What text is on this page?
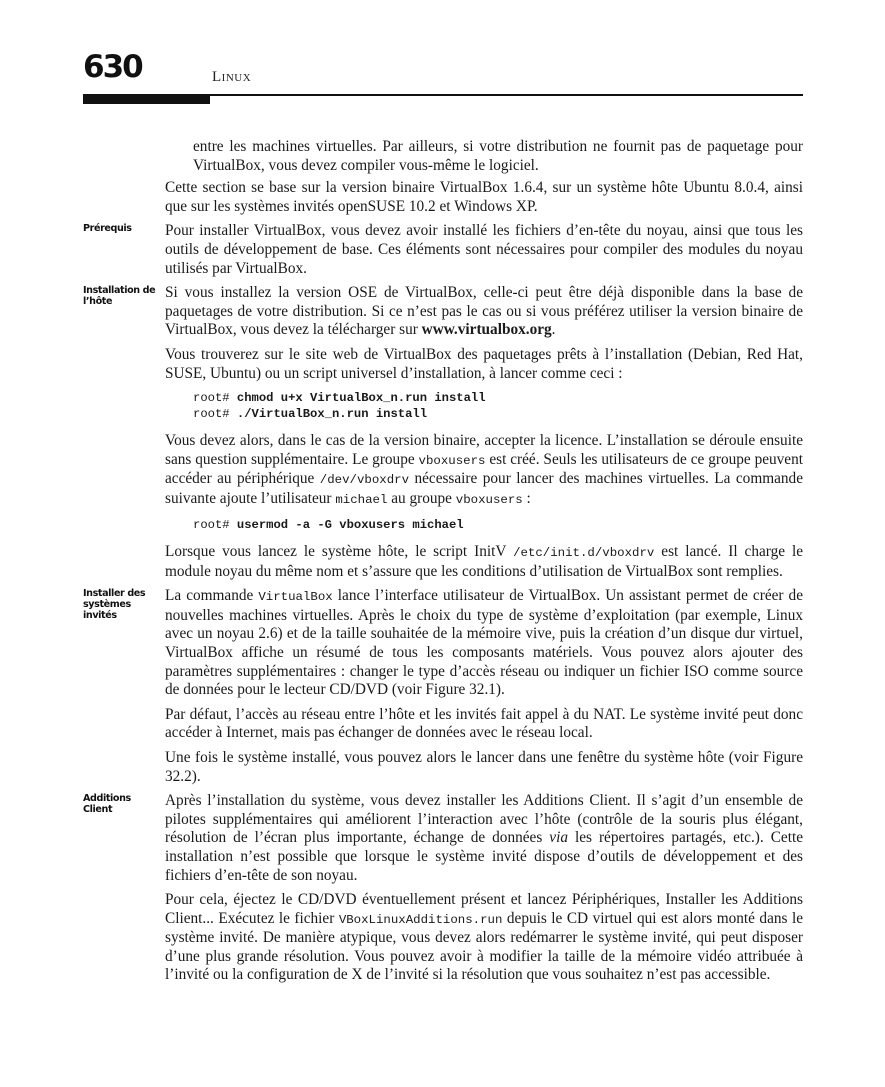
630	Linux

entre les machines virtuelles. Par ailleurs, si votre distribution ne fournit pas de paquetage pour VirtualBox, vous devez compiler vous-même le logiciel.

Cette section se base sur la version binaire VirtualBox 1.6.4, sur un système hôte Ubuntu 8.0.4, ainsi que sur les systèmes invités openSUSE 10.2 et Windows XP.

Prérequis	Pour installer VirtualBox, vous devez avoir installé les fichiers d’en-tête du noyau, ainsi que tous les outils de développement de base. Ces éléments sont nécessaires pour compiler des modules du noyau utilisés par VirtualBox.

Installation de l’hôte
Si vous installez la version OSE de VirtualBox, celle-ci peut être déjà disponible dans la base de paquetages de votre distribution. Si ce n’est pas le cas ou si vous préférez utiliser la version binaire de VirtualBox, vous devez la télécharger sur www.virtualbox.org.

Vous trouverez sur le site web de VirtualBox des paquetages prêts à l’installation (Debian, Red Hat, SUSE, Ubuntu) ou un script universel d’installation, à lancer comme ceci :

root# chmod u+x VirtualBox_n.run install
root# ./VirtualBox_n.run install

Vous devez alors, dans le cas de la version binaire, accepter la licence. L’installation se déroule ensuite sans question supplémentaire. Le groupe vboxusers est créé. Seuls les utilisateurs de ce groupe peuvent accéder au périphérique /dev/vboxdrv nécessaire pour lancer des machines virtuelles. La commande suivante ajoute l’utilisateur michael au groupe vboxusers :

root# usermod -a -G vboxusers michael

Lorsque vous lancez le système hôte, le script InitV /etc/init.d/vboxdrv est lancé. Il charge le module noyau du même nom et s’assure que les conditions d’utilisation de VirtualBox sont remplies.

Installer des systèmes invités
La commande VirtualBox lance l’interface utilisateur de VirtualBox. Un assistant permet de créer de nouvelles machines virtuelles. Après le choix du type de système d’exploitation (par exemple, Linux avec un noyau 2.6) et de la taille souhaitée de la mémoire vive, puis la création d’un disque dur virtuel, VirtualBox affiche un résumé de tous les composants matériels. Vous pouvez alors ajouter des paramètres supplémentaires : changer le type d’accès réseau ou indiquer un fichier ISO comme source de données pour le lecteur CD/DVD (voir Figure 32.1).

Par défaut, l’accès au réseau entre l’hôte et les invités fait appel à du NAT. Le système invité peut donc accéder à Internet, mais pas échanger de données avec le réseau local.

Une fois le système installé, vous pouvez alors le lancer dans une fenêtre du système hôte (voir Figure 32.2).

Additions Client
Après l’installation du système, vous devez installer les Additions Client. Il s’agit d’un ensemble de pilotes supplémentaires qui améliorent l’interaction avec l’hôte (contrôle de la souris plus élégant, résolution de l’écran plus importante, échange de données via les répertoires partagés, etc.). Cette installation n’est possible que lorsque le système invité dispose d’outils de développement et des fichiers d’en-tête de son noyau.

Pour cela, éjectez le CD/DVD éventuellement présent et lancez Périphériques, Installer les Additions Client... Exécutez le fichier VBoxLinuxAdditions.run depuis le CD virtuel qui est alors monté dans le système invité. De manière atypique, vous devez alors redémarrer le système invité, qui peut disposer d’une plus grande résolution. Vous pouvez avoir à modifier la taille de la mémoire vidéo attribuée à l’invité ou la configuration de X de l’invité si la résolution que vous souhaitez n’est pas accessible.
